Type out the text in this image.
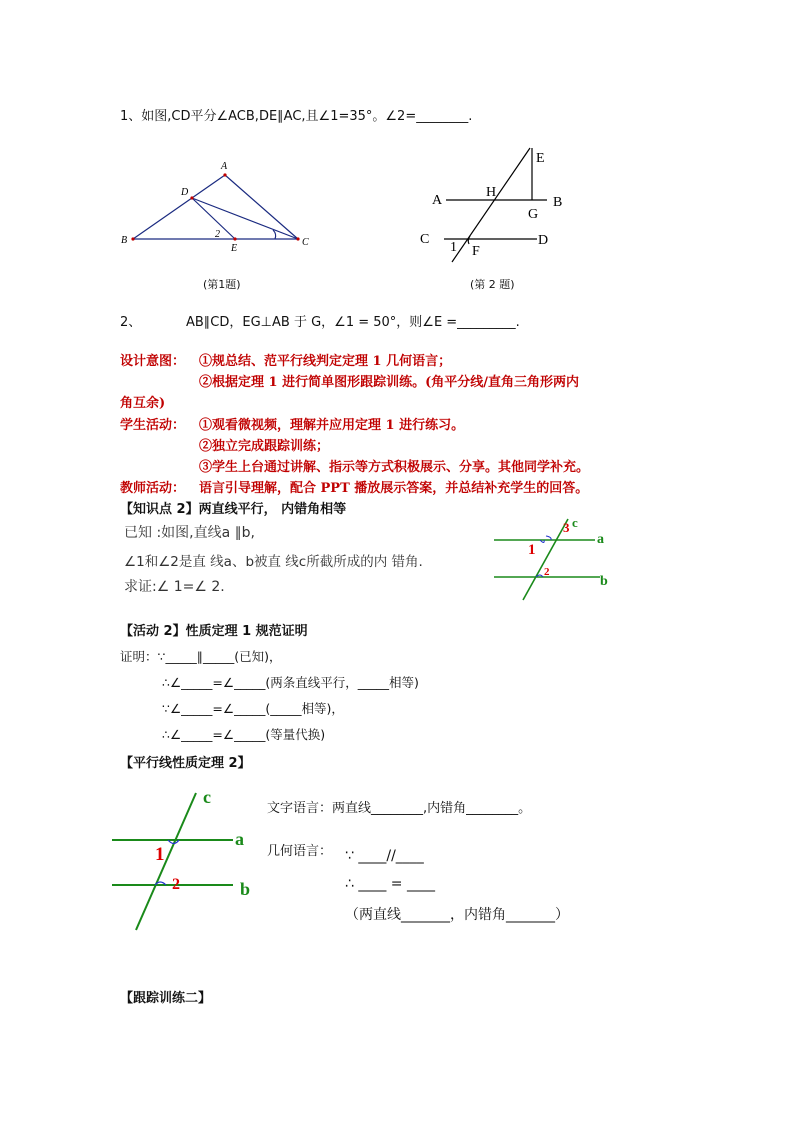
1、如图,CD平分∠ACB,DE∥AC,且∠1=35°。∠2=________.
A
B	C
D
E
2
(第1题)
E
A	B
H
G
C	D
1 F
(第 2 题)
2、	AB∥CD，EG⊥AB 于 G，∠1 = 50°，则∠E =_________.
设计意图： ①规总结、范平行线判定定理 1 几何语言；
②根据定理 1 进行简单图形跟踪训练。(角平分线/直角三角形两内
角互余)
学生活动： ①观看微视频，理解并应用定理 1 进行练习。
②独立完成跟踪训练；
③学生上台通过讲解、指示等方式积极展示、分享。其他同学补充。
教师活动： 语言引导理解，配合 PPT 播放展示答案，并总结补充学生的回答。
【知识点 2】两直线平行， 内错角相等
已知 :如图,直线a ∥b,
∠1和∠2是直 线a、b被直 线c所截所成的内 错角.
求证:∠ 1=∠ 2.
c
a
b
3
1
2
【活动 2】性质定理 1 规范证明
证明：∵_____∥_____(已知)，
∴∠_____=∠_____(两条直线平行，_____相等)
∵∠_____=∠_____(_____相等)，
∴∠_____=∠_____(等量代换)
【平行线性质定理 2】
c
a
b
1
2
文字语言：两直线________,内错角________。
几何语言： ∵ ____//____
∴ ____ = ____
（两直线_______，内错角_______）
【跟踪训练二】
